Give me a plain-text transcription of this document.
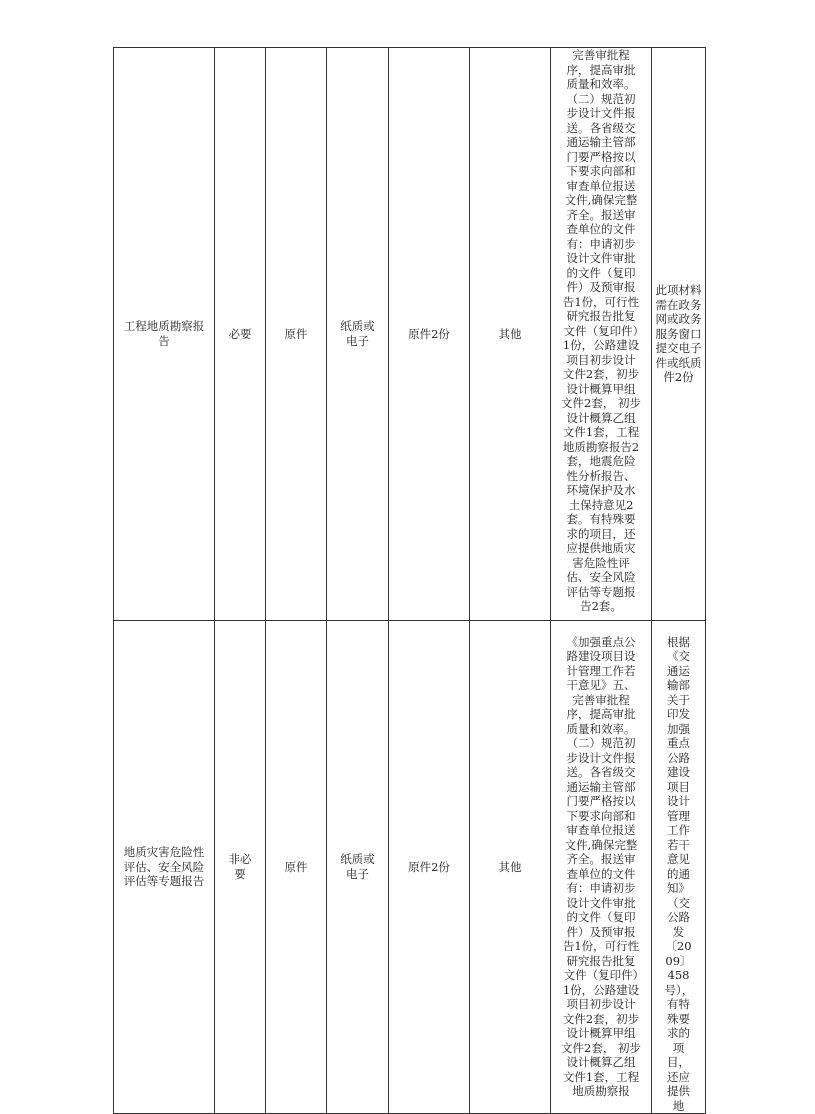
工程地质勘察报告	必要	原件	纸质或电子	原件2份	其他	完善审批程序，提高审批质量和效率。（二）规范初步设计文件报送。各省级交通运输主管部门要严格按以下要求向部和审查单位报送文件,确保完整齐全。报送审查单位的文件有：申请初步设计文件审批的文件（复印件）及预审报告1份，可行性研究报告批复文件（复印件）1份，公路建设项目初步设计文件2套，初步设计概算甲组文件2套， 初步设计概算乙组文件1套，工程地质勘察报告2套，地震危险性分析报告、环境保护及水土保持意见2套。有特殊要求的项目，还应提供地质灾害危险性评估、安全风险评估等专题报告2套。	此项材料需在政务网或政务服务窗口提交电子件或纸质件2份

地质灾害危险性评估、安全风险评估等专题报告	非必要	原件	纸质或电子	原件2份	其他	《加强重点公路建设项目设计管理工作若干意见》五、完善审批程序，提高审批质量和效率。（二）规范初步设计文件报送。各省级交通运输主管部门要严格按以下要求向部和审查单位报送文件,确保完整齐全。报送审查单位的文件有：申请初步设计文件审批的文件（复印件）及预审报告1份，可行性研究报告批复文件（复印件）1份，公路建设项目初步设计文件2套，初步设计概算甲组文件2套， 初步设计概算乙组文件1套，工程地质勘察报	根据《交通运输部关于印发加强重点公路建设项目设计管理工作若干意见的通知》（交公路发〔2009〕458号），有特殊要求的项目，还应提供地
